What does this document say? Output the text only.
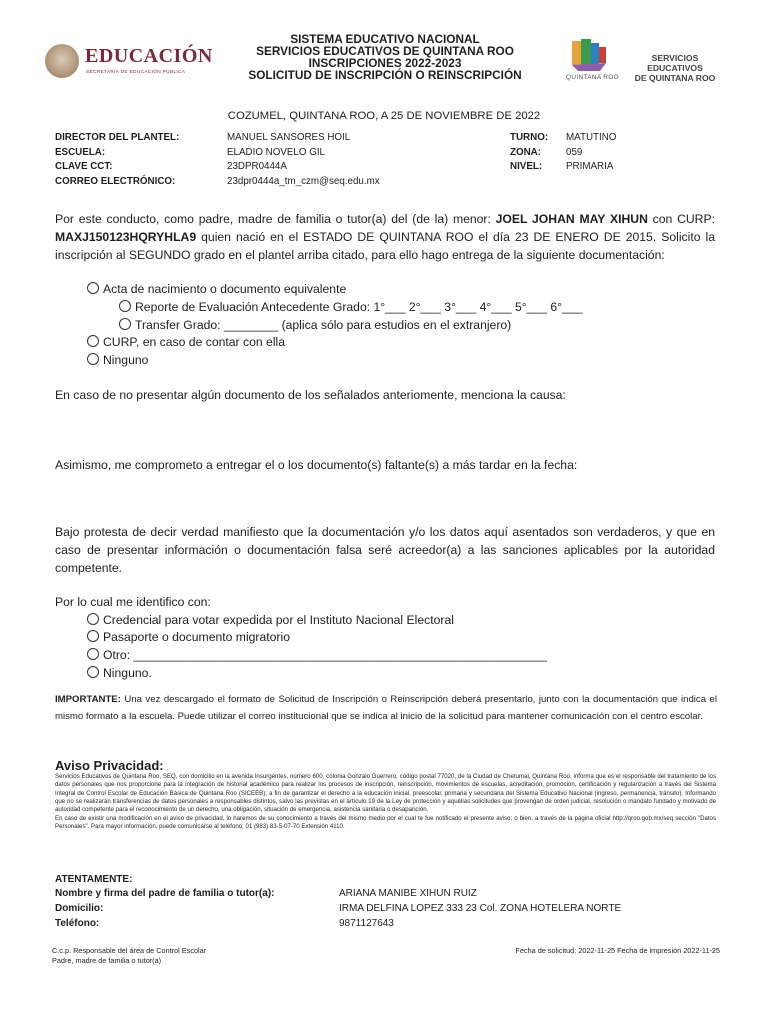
EDUCACIÓN
SECRETARÍA DE EDUCACIÓN PÚBLICA
SISTEMA EDUCATIVO NACIONAL
SERVICIOS EDUCATIVOS DE QUINTANA ROO
INSCRIPCIONES 2022-2023
SOLICITUD DE INSCRIPCIÓN O REINSCRIPCIÓN	QUINTANA ROO
SERVICIOS EDUCATIVOS
DE QUINTANA ROO
COZUMEL, QUINTANA ROO, A 25 DE NOVIEMBRE DE 2022
DIRECTOR DEL PLANTEL:
ESCUELA:
CLAVE CCT:
CORREO ELECTRÓNICO:
MANUEL SANSORES HOIL
ELADIO NOVELO GIL
23DPR0444A
23dpr0444a_tm_czm@seq.edu.mx
TURNO:
ZONA:
NIVEL:
MATUTINO
059
PRIMARIA
Por este conducto, como padre, madre de familia o tutor(a) del (de la) menor: JOEL JOHAN MAY XIHUN con CURP: MAXJ150123HQRYHLA9 quien nació en el ESTADO DE QUINTANA ROO el día 23 DE ENERO DE 2015. Solicito la inscripción al SEGUNDO grado en el plantel arriba citado, para ello hago entrega de la siguiente documentación:
Acta de nacimiento o documento equivalente
Reporte de Evaluación Antecedente Grado: 1°___ 2°___ 3°___ 4°___ 5°___ 6°___
Transfer Grado: ________ (aplica sólo para estudios en el extranjero)
CURP, en caso de contar con ella
Ninguno
En caso de no presentar algún documento de los señalados anteriomente, menciona la causa:
Asimismo, me comprometo a entregar el o los documento(s) faltante(s) a más tardar en la fecha:
Bajo protesta de decir verdad manifiesto que la documentación y/o los datos aquí asentados son verdaderos, y que en caso de presentar información o documentación falsa seré acreedor(a) a las sanciones aplicables por la autoridad competente.
Por lo cual me identifico con:
Credencial para votar expedida por el Instituto Nacional Electoral
Pasaporte o documento migratorio
Otro: _____________________________________________________________
Ninguno.
IMPORTANTE: Una vez descargado el formato de Solicitud de Inscripción o Reinscripción deberá presentarlo, junto con la documentación que indica el mismo formato a la escuela. Puede utilizar el correo institucional que se indica al inicio de la solicitud para mantener comunicación con el centro escolar.
Aviso Privacidad:
Servicios Educativos de Quintana Roo, SEQ, con domicilio en la avenida Insurgentes, número 600, colonia Gonzalo Guerrero, código postal 77020, de la Ciudad de Chetumal, Quintana Roo, informa que es el responsable del tratamiento de los datos personales que nos proporcione para la integración de historial académico para realizar los procesos de inscripción, reinscripción, movimientos de escuelas, acreditación, promoción, certificación y regularización a través del Sistema Integral de Control Escolar de Educación Básica de Quintana Roo (SICEEB); a fin de garantizar el derecho a la educación inicial, preescolar, primaria y secundaria del Sistema Educativo Nacional (ingreso, permanencia, tránsito). Informando que no se realizarán transferencias de datos personales a responsables distintos, salvo las previstas en el artículo 19 de la Ley de protección y aquéllas solicitudes que provengan de orden judicial, resolución o mandato fundado y motivado de autoridad competente para el reconocimiento de un derecho, una obligación, situación de emergencia, asistencia sanitaria o desaparición.
En caso de existir una modificación en el aviso de privacidad, lo haremos de su conocimiento a través del mismo medio por el cual te fue notificado el presente aviso; o bien, a través de la página oficial http://qroo.gob.mx/seq sección "Datos Personales". Para mayor información, puede comunicarse al teléfono: 01 (983) 83-5-07-70 Extensión 4110.
ATENTAMENTE:
Nombre y firma del padre de familia o tutor(a):
Domicilio:
Teléfono:
ARIANA MANIBE XIHUN RUIZ
IRMA DELFINA LOPEZ 333 23 Col. ZONA HOTELERA NORTE
9871127643
C.c.p. Responsable del área de Control Escolar
Padre, madre de familia o tutor(a)
Fecha de solicitud: 2022-11-25 Fecha de impresión 2022-11-25
